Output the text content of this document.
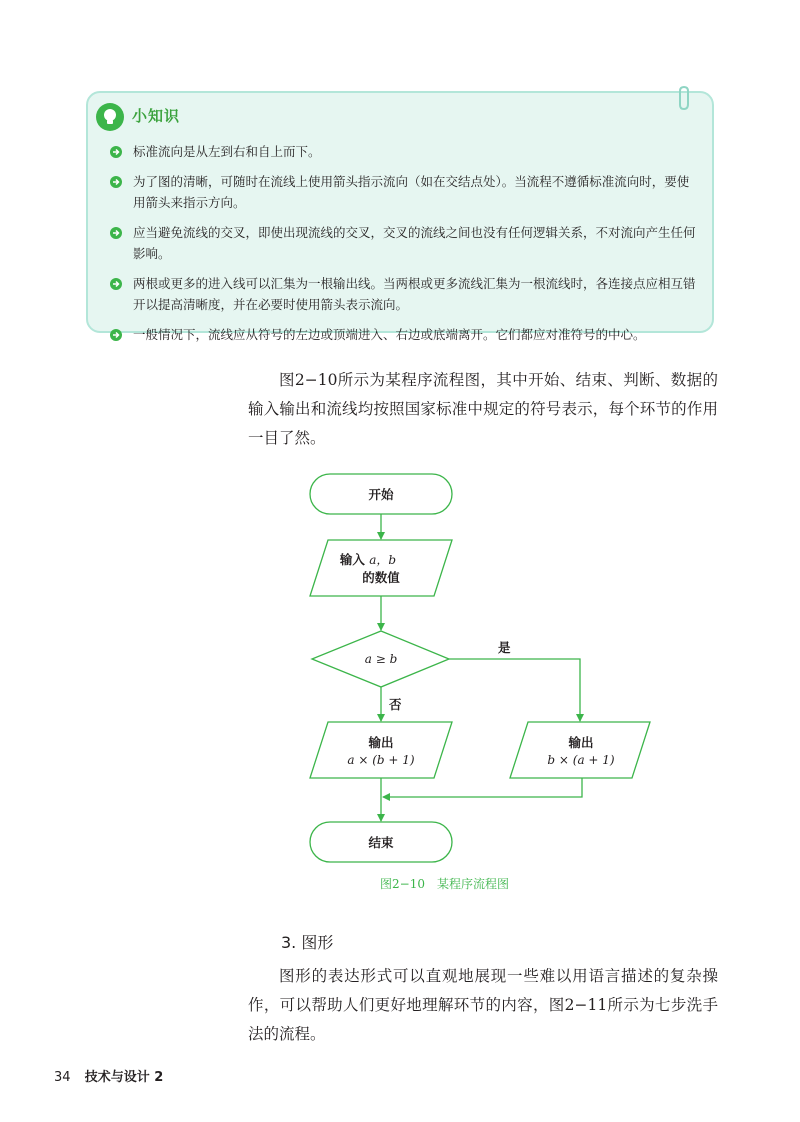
小知识
标准流向是从左到右和自上而下。
为了图的清晰，可随时在流线上使用箭头指示流向（如在交结点处）。当流程不遵循标准流向时，要使用箭头来指示方向。
应当避免流线的交叉，即使出现流线的交叉，交叉的流线之间也没有任何逻辑关系，不对流向产生任何影响。
两根或更多的进入线可以汇集为一根输出线。当两根或更多流线汇集为一根流线时，各连接点应相互错开以提高清晰度，并在必要时使用箭头表示流向。
一般情况下，流线应从符号的左边或顶端进入、右边或底端离开。它们都应对准符号的中心。

图2−10所示为某程序流程图，其中开始、结束、判断、数据的输入输出和流线均按照国家标准中规定的符号表示，每个环节的作用一目了然。

开始
输入 a，b
的数值
a ≥ b
是
否
输出
a × (b + 1)
输出
b × (a + 1)
结束
图2−10　某程序流程图
3. 图形

图形的表达形式可以直观地展现一些难以用语言描述的复杂操作，可以帮助人们更好地理解环节的内容，图2−11所示为七步洗手法的流程。

34 技术与设计 2
